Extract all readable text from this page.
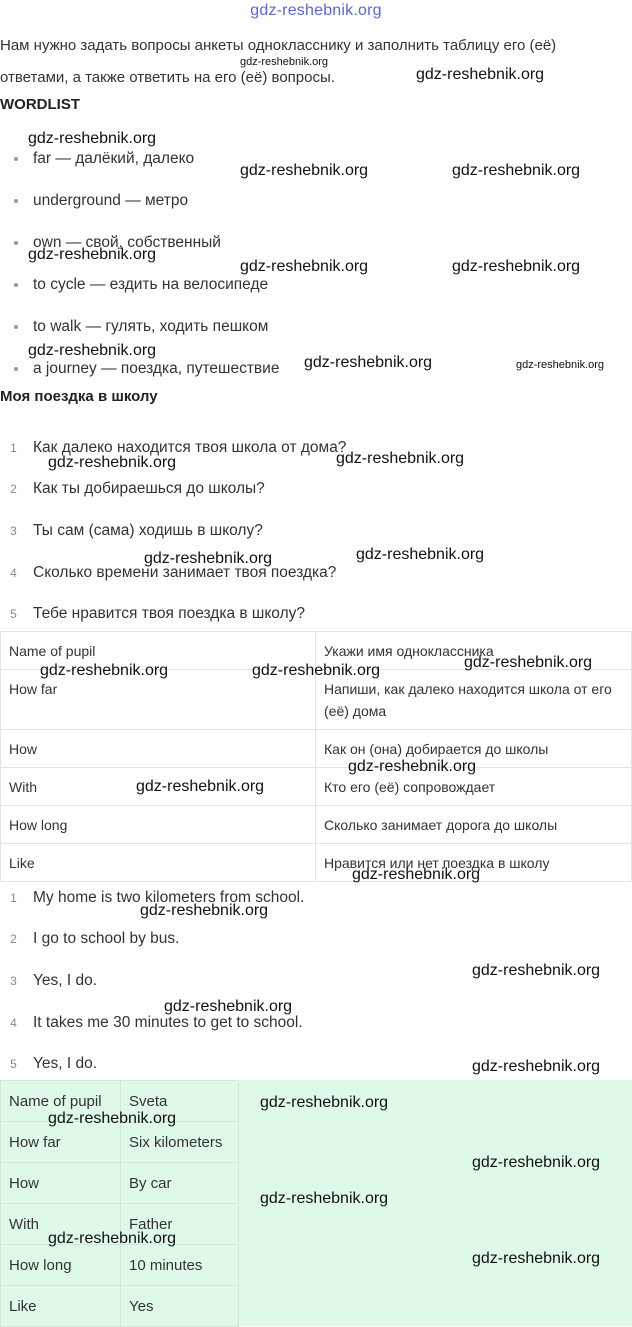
gdz-reshebnik.org
Нам нужно задать вопросы анкеты однокласснику и заполнить таблицу его (её) ответами, а также ответить на его (её) вопросы.
WORDLIST
far — далёкий, далеко
underground — метро
own — свой, собственный
to cycle — ездить на велосипеде
to walk — гулять, ходить пешком
a journey — поездка, путешествие
Моя поездка в школу
1	Как далеко находится твоя школа от дома?
2	Как ты добираешься до школы?
3	Ты сам (сама) ходишь в школу?
4	Сколько времени занимает твоя поездка?
5	Тебе нравится твоя поездка в школу?
Name of pupil	Укажи имя одноклассника
How far	Напиши, как далеко находится школа от его (её) дома
How	Как он (она) добирается до школы
With	Кто его (её) сопровождает
How long	Сколько занимает дорога до школы
Like	Нравится или нет поездка в школу
1	My home is two kilometers from school.
2	I go to school by bus.
3	Yes, I do.
4	It takes me 30 minutes to get to school.
5	Yes, I do.
Name of pupil	Sveta
How far	Six kilometers
How	By car
With	Father
How long	10 minutes
Like	Yes
gdz-reshebnik.org
gdz-reshebnik.org
gdz-reshebnik.org
gdz-reshebnik.org	gdz-reshebnik.org
gdz-reshebnik.org
gdz-reshebnik.org	gdz-reshebnik.org
gdz-reshebnik.org
gdz-reshebnik.org	gdz-reshebnik.org
gdz-reshebnik.org	gdz-reshebnik.org
gdz-reshebnik.org	gdz-reshebnik.org
gdz-reshebnik.org	gdz-reshebnik.org	gdz-reshebnik.org
gdz-reshebnik.org
gdz-reshebnik.org
gdz-reshebnik.org
gdz-reshebnik.org
gdz-reshebnik.org
gdz-reshebnik.org
gdz-reshebnik.org
gdz-reshebnik.org
gdz-reshebnik.org
gdz-reshebnik.org
gdz-reshebnik.org
gdz-reshebnik.org
gdz-reshebnik.org
